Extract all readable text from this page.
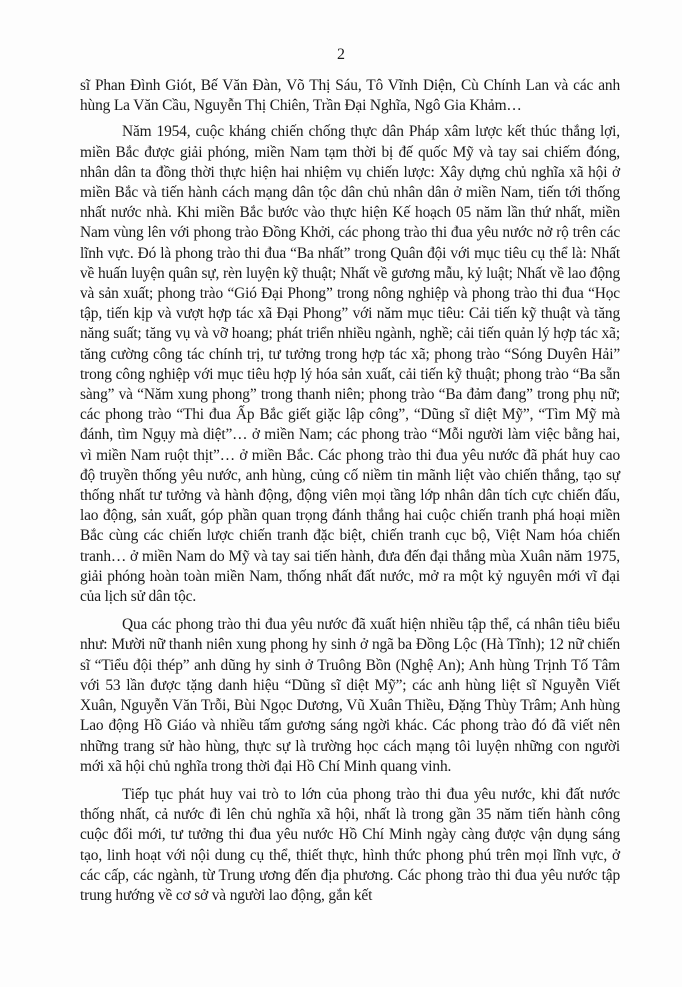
2

sĩ Phan Đình Giót, Bế Văn Đàn, Võ Thị Sáu, Tô Vĩnh Diện, Cù Chính Lan và các anh hùng La Văn Cầu, Nguyễn Thị Chiên, Trần Đại Nghĩa, Ngô Gia Khảm…

Năm 1954, cuộc kháng chiến chống thực dân Pháp xâm lược kết thúc thắng lợi, miền Bắc được giải phóng, miền Nam tạm thời bị đế quốc Mỹ và tay sai chiếm đóng, nhân dân ta đồng thời thực hiện hai nhiệm vụ chiến lược: Xây dựng chủ nghĩa xã hội ở miền Bắc và tiến hành cách mạng dân tộc dân chủ nhân dân ở miền Nam, tiến tới thống nhất nước nhà. Khi miền Bắc bước vào thực hiện Kế hoạch 05 năm lần thứ nhất, miền Nam vùng lên với phong trào Đồng Khởi, các phong trào thi đua yêu nước nở rộ trên các lĩnh vực. Đó là phong trào thi đua “Ba nhất” trong Quân đội với mục tiêu cụ thể là: Nhất về huấn luyện quân sự, rèn luyện kỹ thuật; Nhất về gương mẫu, kỷ luật; Nhất về lao động và sản xuất; phong trào “Gió Đại Phong” trong nông nghiệp và phong trào thi đua “Học tập, tiến kịp và vượt hợp tác xã Đại Phong” với năm mục tiêu: Cải tiến kỹ thuật và tăng năng suất; tăng vụ và vỡ hoang; phát triển nhiều ngành, nghề; cải tiến quản lý hợp tác xã; tăng cường công tác chính trị, tư tưởng trong hợp tác xã; phong trào “Sóng Duyên Hải” trong công nghiệp với mục tiêu hợp lý hóa sản xuất, cải tiến kỹ thuật; phong trào “Ba sẵn sàng” và “Năm xung phong” trong thanh niên; phong trào “Ba đảm đang” trong phụ nữ; các phong trào “Thi đua Ấp Bắc giết giặc lập công”, “Dũng sĩ diệt Mỹ”, “Tìm Mỹ mà đánh, tìm Ngụy mà diệt”… ở miền Nam; các phong trào “Mỗi người làm việc bằng hai, vì miền Nam ruột thịt”… ở miền Bắc. Các phong trào thi đua yêu nước đã phát huy cao độ truyền thống yêu nước, anh hùng, củng cố niềm tin mãnh liệt vào chiến thắng, tạo sự thống nhất tư tưởng và hành động, động viên mọi tầng lớp nhân dân tích cực chiến đấu, lao động, sản xuất, góp phần quan trọng đánh thắng hai cuộc chiến tranh phá hoại miền Bắc cùng các chiến lược chiến tranh đặc biệt, chiến tranh cục bộ, Việt Nam hóa chiến tranh… ở miền Nam do Mỹ và tay sai tiến hành, đưa đến đại thắng mùa Xuân năm 1975, giải phóng hoàn toàn miền Nam, thống nhất đất nước, mở ra một kỷ nguyên mới vĩ đại của lịch sử dân tộc.

Qua các phong trào thi đua yêu nước đã xuất hiện nhiều tập thể, cá nhân tiêu biểu như: Mười nữ thanh niên xung phong hy sinh ở ngã ba Đồng Lộc (Hà Tĩnh); 12 nữ chiến sĩ “Tiểu đội thép” anh dũng hy sinh ở Truông Bồn (Nghệ An); Anh hùng Trịnh Tố Tâm với 53 lần được tặng danh hiệu “Dũng sĩ diệt Mỹ”; các anh hùng liệt sĩ Nguyễn Viết Xuân, Nguyễn Văn Trỗi, Bùi Ngọc Dương, Vũ Xuân Thiều, Đặng Thùy Trâm; Anh hùng Lao động Hồ Giáo và nhiều tấm gương sáng ngời khác. Các phong trào đó đã viết nên những trang sử hào hùng, thực sự là trường học cách mạng tôi luyện những con người mới xã hội chủ nghĩa trong thời đại Hồ Chí Minh quang vinh.

Tiếp tục phát huy vai trò to lớn của phong trào thi đua yêu nước, khi đất nước thống nhất, cả nước đi lên chủ nghĩa xã hội, nhất là trong gần 35 năm tiến hành công cuộc đổi mới, tư tưởng thi đua yêu nước Hồ Chí Minh ngày càng được vận dụng sáng tạo, linh hoạt với nội dung cụ thể, thiết thực, hình thức phong phú trên mọi lĩnh vực, ở các cấp, các ngành, từ Trung ương đến địa phương. Các phong trào thi đua yêu nước tập trung hướng về cơ sở và người lao động, gắn kết
